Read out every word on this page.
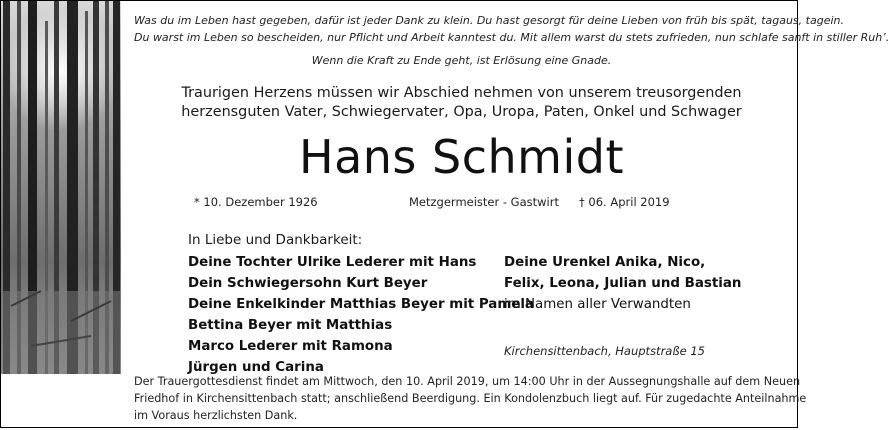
Was du im Leben hast gegeben, dafür ist jeder Dank zu klein. Du hast gesorgt für deine Lieben von früh bis spät, tagaus, tagein.
Du warst im Leben so bescheiden, nur Pflicht und Arbeit kanntest du. Mit allem warst du stets zufrieden, nun schlafe sanft in stiller Ruh’.
Wenn die Kraft zu Ende geht, ist Erlösung eine Gnade.
Traurigen Herzens müssen wir Abschied nehmen von unserem treusorgenden
herzensguten Vater, Schwiegervater, Opa, Uropa, Paten, Onkel und Schwager
Hans Schmidt
* 10. Dezember 1926	Metzgermeister - Gastwirt † 06. April 2019
In Liebe und Dankbarkeit:
Deine Tochter Ulrike Lederer mit Hans
Dein Schwiegersohn Kurt Beyer
Deine Enkelkinder Matthias Beyer mit Pamela
Bettina Beyer mit Matthias
Marco Lederer mit Ramona
Jürgen und Carina
Deine Urenkel Anika, Nico,
Felix, Leona, Julian und Bastian
im Namen aller Verwandten
Kirchensittenbach, Hauptstraße 15
Der Trauergottesdienst findet am Mittwoch, den 10. April 2019, um 14:00 Uhr in der Aussegnungshalle auf dem Neuen
Friedhof in Kirchensittenbach statt; anschließend Beerdigung. Ein Kondolenzbuch liegt auf. Für zugedachte Anteilnahme
im Voraus herzlichsten Dank.
